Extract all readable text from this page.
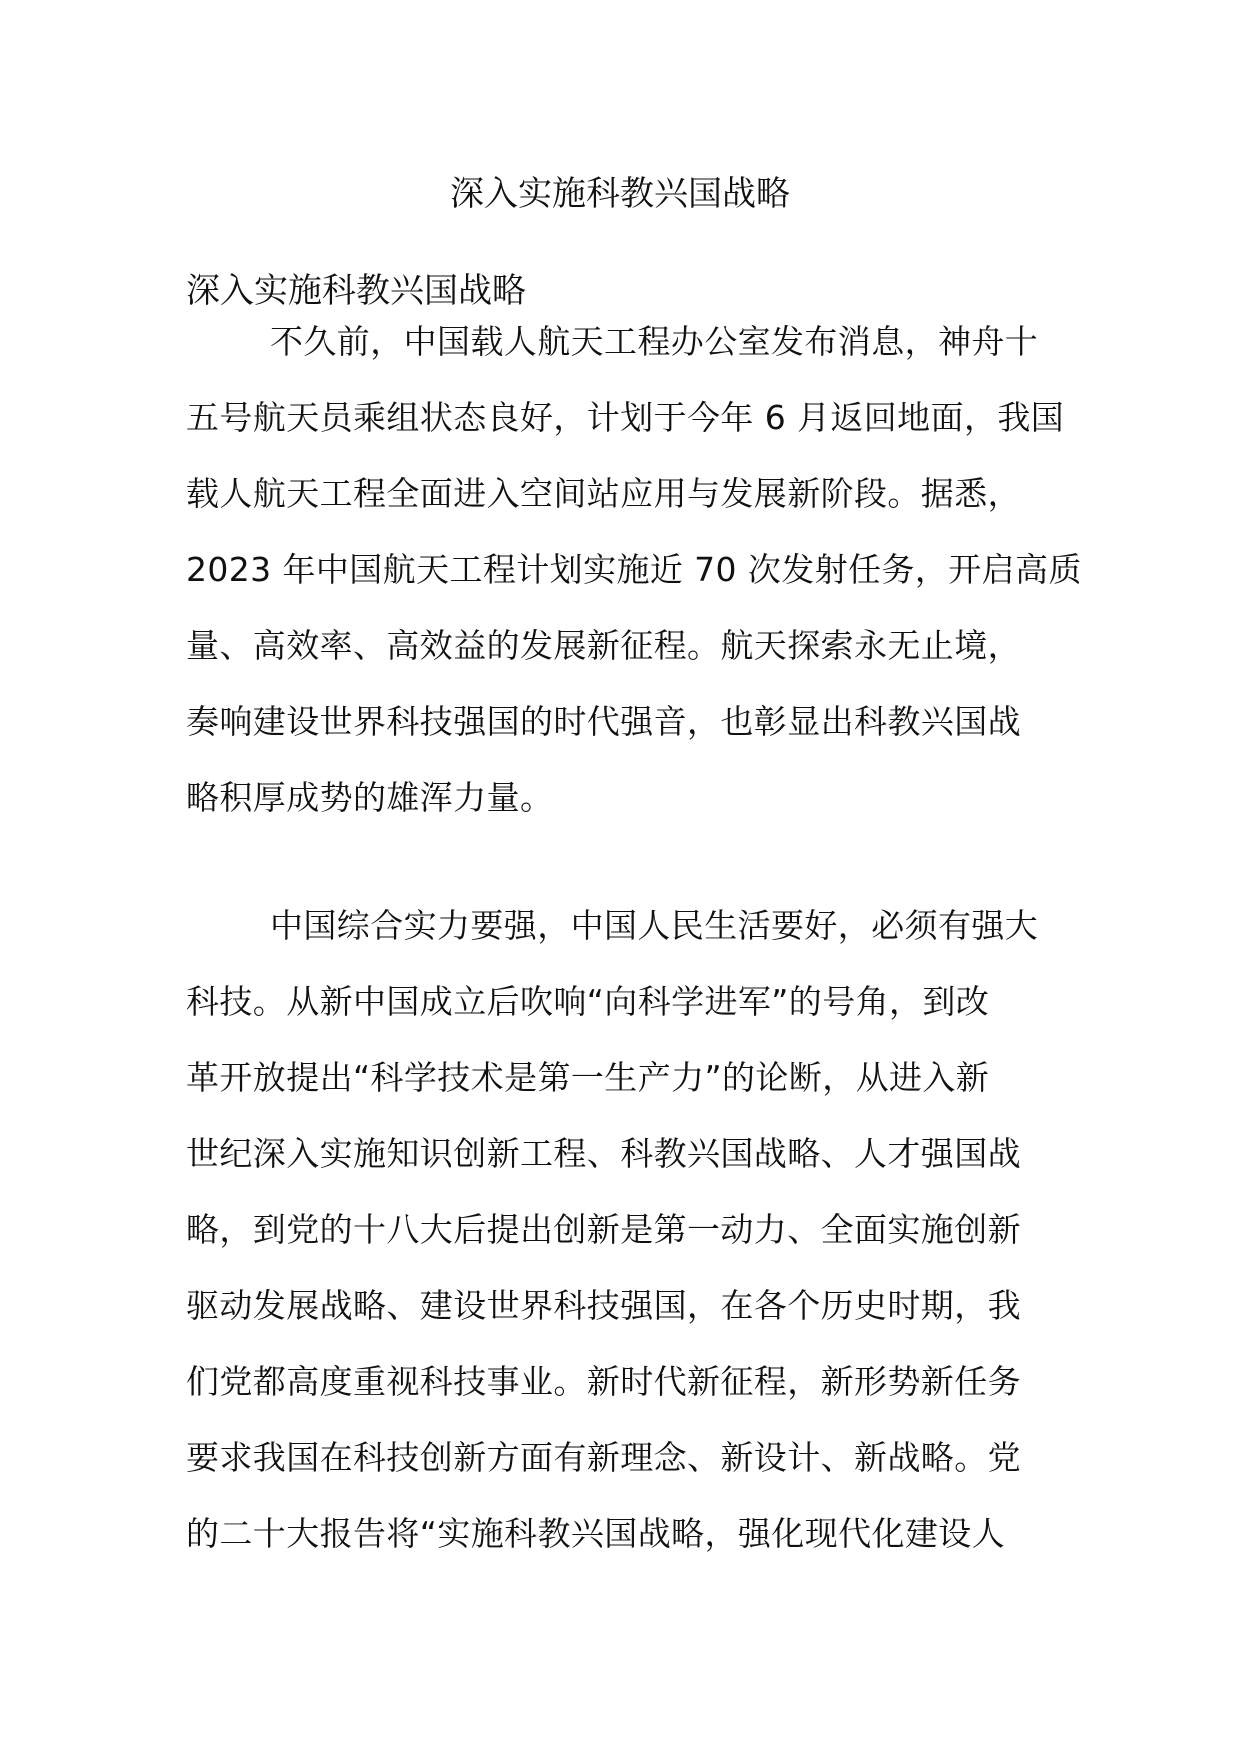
深入实施科教兴国战略

深入实施科教兴国战略

不久前，中国载人航天工程办公室发布消息，神舟十
五号航天员乘组状态良好，计划于今年 6 月返回地面，我国
载人航天工程全面进入空间站应用与发展新阶段。据悉，
2023 年中国航天工程计划实施近 70 次发射任务，开启高质
量、高效率、高效益的发展新征程。航天探索永无止境，
奏响建设世界科技强国的时代强音，也彰显出科教兴国战
略积厚成势的雄浑力量。
中国综合实力要强，中国人民生活要好，必须有强大
科技。从新中国成立后吹响“向科学进军”的号角，到改
革开放提出“科学技术是第一生产力”的论断，从进入新
世纪深入实施知识创新工程、科教兴国战略、人才强国战
略，到党的十八大后提出创新是第一动力、全面实施创新
驱动发展战略、建设世界科技强国，在各个历史时期，我
们党都高度重视科技事业。新时代新征程，新形势新任务
要求我国在科技创新方面有新理念、新设计、新战略。党
的二十大报告将“实施科教兴国战略，强化现代化建设人
